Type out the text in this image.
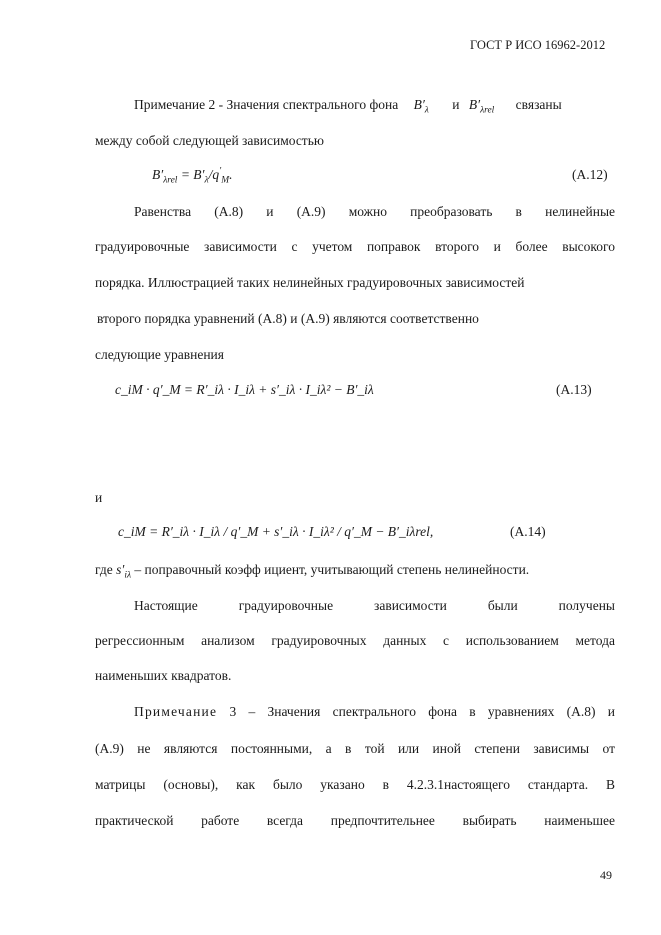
ГОСТ Р ИСО 16962-2012
Примечание 2 - Значения спектрального фона $B'_\lambda$ и $B'_{\lambda rel}$ связаны
между собой следующей зависимостью
$B'_{\lambda rel} = B'_\lambda/q'_M$.	(A.12)
Равенства (А.8) и (А.9) можно преобразовать в нелинейные
градуировочные зависимости с учетом поправок второго и более высокого
порядка. Иллюстрацией таких нелинейных градуировочных зависимостей
второго порядка уравнений (А.8) и (А.9) являются соответственно
следующие уравнения
c_iM · q′_M = R′_iλ · I_iλ + s′_iλ · I_iλ² − B′_iλ	(A.13)
и
c_iM = R′_iλ · I_iλ / q′_M + s′_iλ · I_iλ² / q′_M − B′_iλrel,	(A.14)
где $s'_{i\lambda}$ – поправочный коэфф ициент, учитывающий степень нелинейности.
Настоящие градуировочные зависимости были получены
регрессионным анализом градуировочных данных с использованием метода
наименьших квадратов.
Примечание 3 – Значения спектрального фона в уравнениях (А.8) и
(А.9) не являются постоянными, а в той или иной степени зависимы от
матрицы (основы), как было указано в 4.2.3.1настоящего стандарта. В
практической работе всегда предпочтительнее выбирать наименьшее
49
